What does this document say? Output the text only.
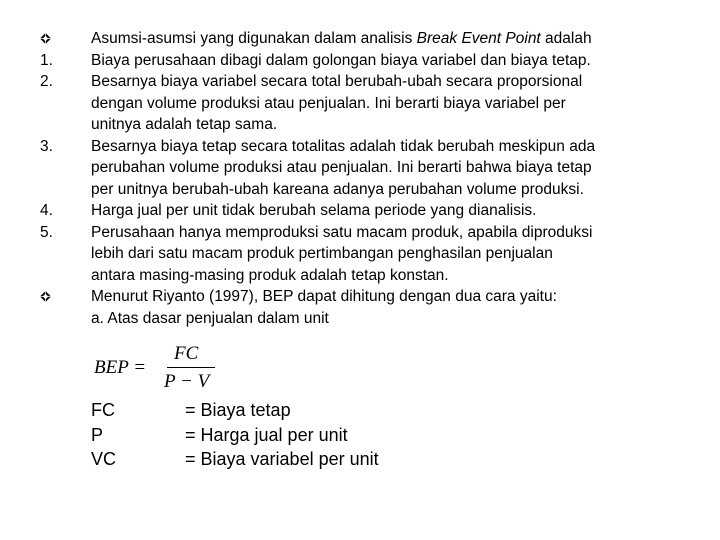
Asumsi-asumsi yang digunakan dalam analisis Break Event Point adalah
1.	Biaya perusahaan dibagi dalam golongan biaya variabel dan biaya tetap.
2.	Besarnya biaya variabel secara total berubah-ubah secara proporsional
dengan volume produksi atau penjualan. Ini berarti biaya variabel per
unitnya adalah tetap sama.
3.	Besarnya biaya tetap secara totalitas adalah tidak berubah meskipun ada
perubahan volume produksi atau penjualan. Ini berarti bahwa biaya tetap
per unitnya berubah-ubah kareana adanya perubahan volume produksi.
4.	Harga jual per unit tidak berubah selama periode yang dianalisis.
5.	Perusahaan hanya memproduksi satu macam produk, apabila diproduksi
lebih dari satu macam produk pertimbangan penghasilan penjualan
antara masing-masing produk adalah tetap konstan.
Menurut Riyanto (1997), BEP dapat dihitung dengan dua cara yaitu:
a. Atas dasar penjualan dalam unit
BEP =
FC
P − V
FC	= Biaya tetap
P	= Harga jual per unit
VC	= Biaya variabel per unit
